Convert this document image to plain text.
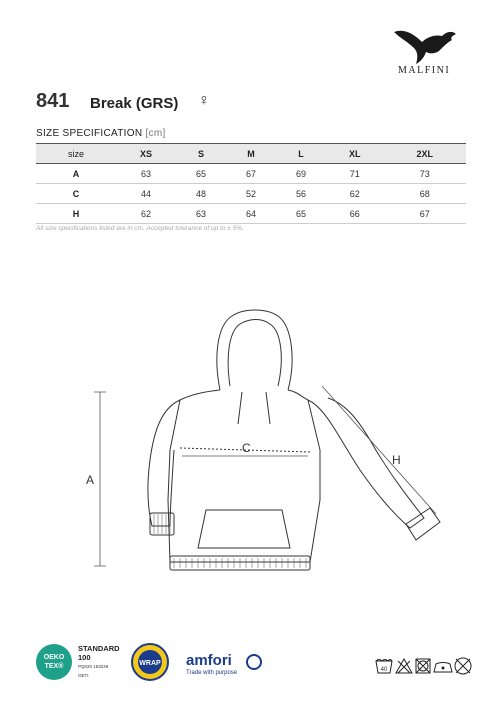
MALFINI
841 Break (GRS) ♀
SIZE SPECIFICATION [cm]
size	XS	S	M	L	XL	2XL
A	63	65	67	69	71	73
C	44	48	52	56	62	68
H	62	63	64	65	66	67
All size specifications listed are in cm. Accepted tolerance of up to ± 5%.
A
C
H
OEKO
TEX®
STANDARD
100
PQ020 153249
OETI
WRAP amfori
Trade with purpose	40
